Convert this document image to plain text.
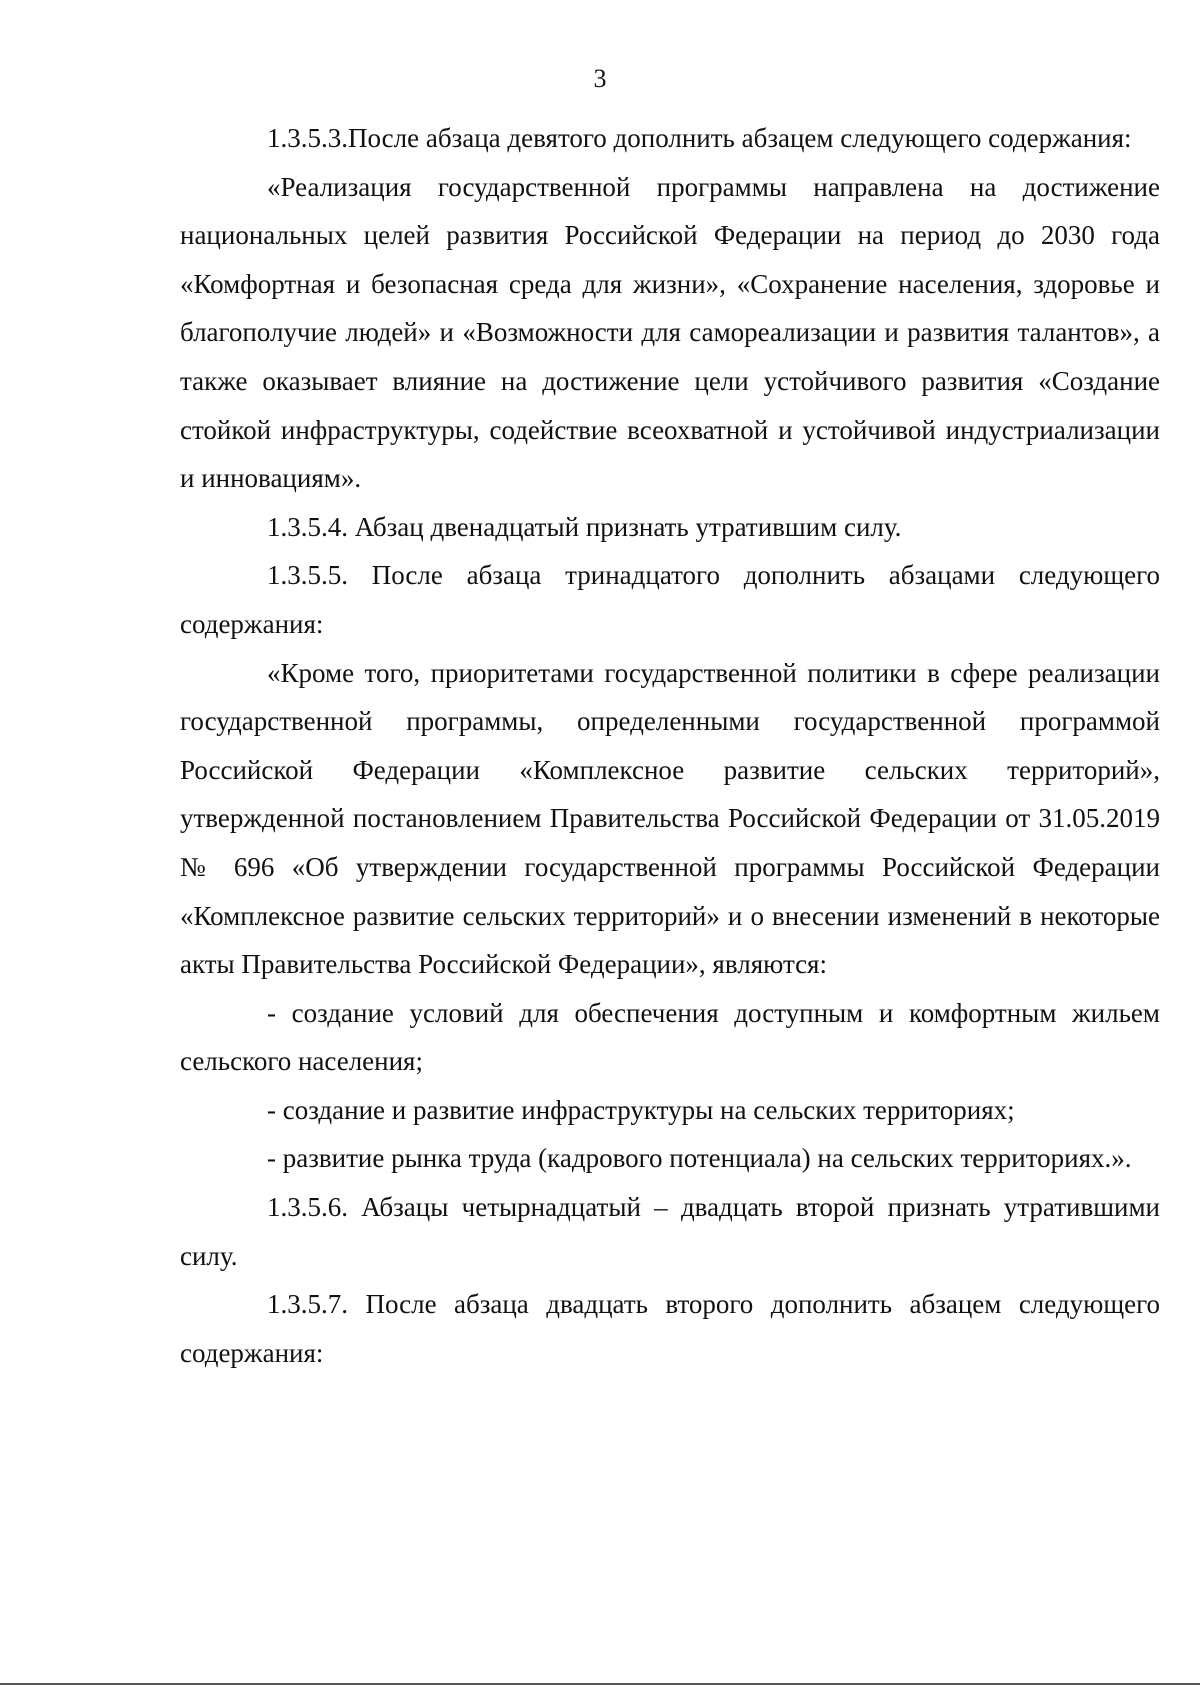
3

1.3.5.3.После абзаца девятого дополнить абзацем следующего содержания:

«Реализация государственной программы направлена на достижение национальных целей развития Российской Федерации на период до 2030 года «Комфортная и безопасная среда для жизни», «Сохранение населения, здоровье и благополучие людей» и «Возможности для самореализации и развития талантов», а также оказывает влияние на достижение цели устойчивого развития «Создание стойкой инфраструктуры, содействие всеохватной и устойчивой индустриализации и инновациям».

1.3.5.4. Абзац двенадцатый признать утратившим силу.

1.3.5.5. После абзаца тринадцатого дополнить абзацами следующего содержания:

«Кроме того, приоритетами государственной политики в сфере реализации государственной программы, определенными государственной программой Российской Федерации «Комплексное развитие сельских территорий», утвержденной постановлением Правительства Российской Федерации от 31.05.2019 № 696 «Об утверждении государственной программы Российской Федерации «Комплексное развитие сельских территорий» и о внесении изменений в некоторые акты Правительства Российской Федерации», являются:

- создание условий для обеспечения доступным и комфортным жильем сельского населения;

- создание и развитие инфраструктуры на сельских территориях;

- развитие рынка труда (кадрового потенциала) на сельских территориях.».

1.3.5.6. Абзацы четырнадцатый – двадцать второй признать утратившими силу.

1.3.5.7. После абзаца двадцать второго дополнить абзацем следующего содержания:
